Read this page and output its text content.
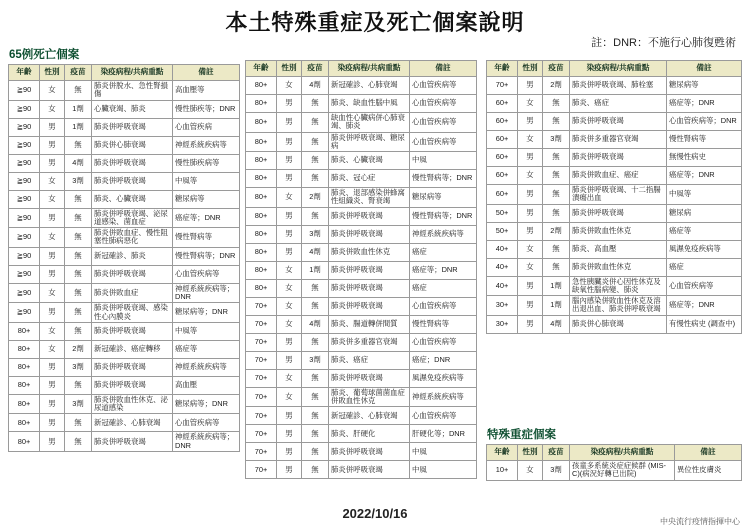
本土特殊重症及死亡個案說明
註：DNR：不施行心肺復甦術
65例死亡個案
年齡	性別	疫苗	染疫病程/共病重點	備註
≧90	女	無	肺炎併脫水、急性腎損傷	高血壓等
≧90	女	1劑	心臟衰竭、肺炎	慢性肺疾等；DNR
≧90	男	1劑	肺炎併呼吸衰竭	心血管疾病
≧90	男	無	肺炎併心肺衰竭	神經系統疾病等
≧90	男	4劑	肺炎併呼吸衰竭	慢性肺疾病等
≧90	女	3劑	肺炎併呼吸衰竭	中風等
≧90	女	無	肺炎、心臟衰竭	糖尿病等
≧90	男	無	肺炎併呼吸衰竭、泌尿道感染、菌血症	癌症等；DNR
≧90	女	無	肺炎併敗血症、慢性阻塞性肺病惡化	慢性腎病等
≧90	男	無	新冠確診、肺炎	慢性腎病等；DNR
≧90	男	無	肺炎併呼吸衰竭	心血管疾病等
≧90	女	無	肺炎併敗血症	神經系統疾病等；DNR
≧90	男	無	肺炎併呼吸衰竭、感染性心內膜炎	糖尿病等；DNR
80+	女	無	肺炎併呼吸衰竭	中風等
80+	女	2劑	新冠確診、癌症轉移	癌症等
80+	男	3劑	肺炎併呼吸衰竭	神經系統疾病等
80+	男	無	肺炎併呼吸衰竭	高血壓
80+	男	3劑	肺炎併敗血性休克、泌尿道感染	糖尿病等；DNR
80+	男	無	新冠確診、心肺衰竭	心血管疾病等
80+	男	無	肺炎併呼吸衰竭	神經系統疾病等；DNR
年齡	性別	疫苗	染疫病程/共病重點	備註
80+	女	4劑	新冠確診、心肺衰竭	心血管疾病等
80+	男	無	肺炎、缺血性腦中風	心血管疾病等
80+	男	無	缺血性心臟病併心肺衰竭、肺炎	心血管疾病等
80+	男	無	肺炎併呼吸衰竭、糖尿病	心血管疾病等
80+	男	無	肺炎、心臟衰竭	中風
80+	男	無	肺炎、冠心症	慢性腎病等；DNR
80+	女	2劑	肺炎、退部感染併蜂窩性組織炎、腎衰竭	糖尿病等
80+	男	無	肺炎併呼吸衰竭	慢性腎病等；DNR
80+	男	3劑	肺炎併呼吸衰竭	神經系統疾病等
80+	男	4劑	肺炎併敗血性休克	癌症
80+	女	1劑	肺炎併呼吸衰竭	癌症等；DNR
80+	女	無	肺炎併呼吸衰竭	癌症
70+	女	無	肺炎併呼吸衰竭	心血管疾病等
70+	女	4劑	肺炎、腸道轉併間質	慢性腎病等
70+	男	無	肺炎併多重器官衰竭	心血管疾病等
70+	男	3劑	肺炎、癌症	癌症；DNR
70+	女	無	肺炎併呼吸衰竭	風濕免疫疾病等
70+	女	無	肺炎、葡萄球菌菌血症併敗血性休克	神經系統疾病等
70+	男	無	新冠確診、心肺衰竭	心血管疾病等
70+	男	無	肺炎、肝硬化	肝硬化等；DNR
70+	男	無	肺炎併呼吸衰竭	中風
70+	男	無	肺炎併呼吸衰竭	中風
年齡	性別	疫苗	染疫病程/共病重點	備註
70+	男	2劑	肺炎併呼吸衰竭、肺栓塞	糖尿病等
60+	女	無	肺炎、癌症	癌症等；DNR
60+	男	無	肺炎併呼吸衰竭	心血管疾病等；DNR
60+	女	3劑	肺炎併多重器官衰竭	慢性腎病等
60+	男	無	肺炎併呼吸衰竭	無慢性病史
60+	女	無	肺炎併敗血症、癌症	癌症等；DNR
60+	男	無	肺炎併呼吸衰竭、十二指腸潰瘍出血	中風等
50+	男	無	肺炎併呼吸衰竭	糖尿病
50+	男	2劑	肺炎併敗血性休克	癌症等
40+	女	無	肺炎、高血壓	風濕免疫疾病等
40+	女	無	肺炎併敗血性休克	癌症
40+	男	1劑	急性胰臟炎併心因性休克及缺氧性腦病變、肺炎	心血管疾病等
30+	男	1劑	腦內感染併敗血性休克及溶出退出血、肺炎併呼吸衰竭	癌症等；DNR
30+	男	4劑	肺炎併心肺衰竭	有慢性病史 (調查中)
特殊重症個案
年齡	性別	疫苗	染疫病程/共病重點	備註
10+	女	3劑	孩童多系統炎症症候群 (MIS-C)(病況好轉已出院)	異位性皮膚炎
2022/10/16
中央流行疫情指揮中心
